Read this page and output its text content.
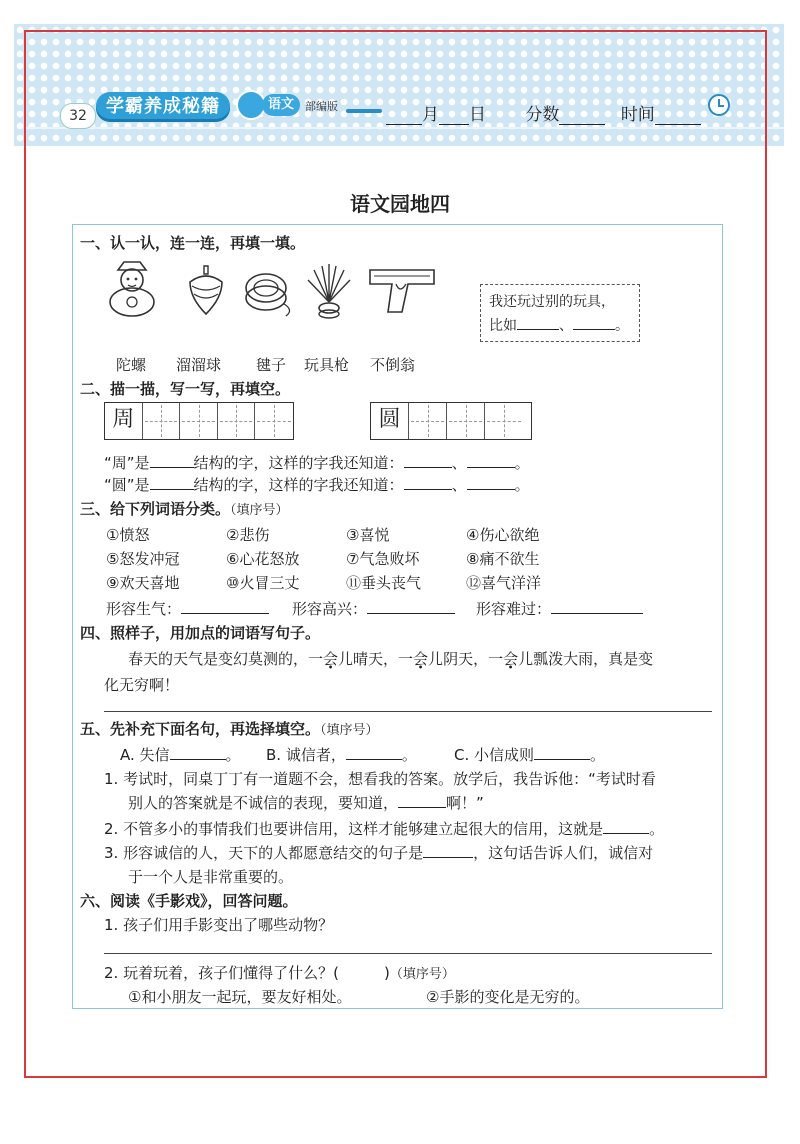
32	学霸养成秘籍	语文	部编版	月 日 分数	时间
语文园地四
一、认一认，连一连，再填一填。
我还玩过别的玩具，
比如	、	。
陀螺 溜溜球 毽子 玩具枪 不倒翁
二、描一描，写一写，再填空。
周	圆
“周”是	结构的字，这样的字我还知道：	、	。
“圆”是	结构的字，这样的字我还知道：	、	。
三、给下列词语分类。（填序号）
①愤怒	②悲伤	③喜悦	④伤心欲绝
⑤怒发冲冠	⑥心花怒放	⑦气急败坏	⑧痛不欲生
⑨欢天喜地	⑩火冒三丈	⑪垂头丧气	⑫喜气洋洋
形容生气：	形容高兴：	形容难过：
四、照样子，用加点的词语写句子。
春天的天气是变幻莫测的，一会儿晴天，一会儿阴天，一会儿瓢泼大雨，真是变
化无穷啊！
五、先补充下面名句，再选择填空。（填序号）
A. 失信	。 B. 诚信者，	。 C. 小信成则	。
1. 考试时，同桌丁丁有一道题不会，想看我的答案。放学后，我告诉他：“考试时看
别人的答案就是不诚信的表现，要知道，	啊！”
2. 不管多小的事情我们也要讲信用，这样才能够建立起很大的信用，这就是	。
3. 形容诚信的人，天下的人都愿意结交的句子是	，这句话告诉人们，诚信对
于一个人是非常重要的。
六、阅读《手影戏》，回答问题。
1. 孩子们用手影变出了哪些动物？
2. 玩着玩着，孩子们懂得了什么？(　　　)（填序号）
①和小朋友一起玩，要友好相处。	②手影的变化是无穷的。
